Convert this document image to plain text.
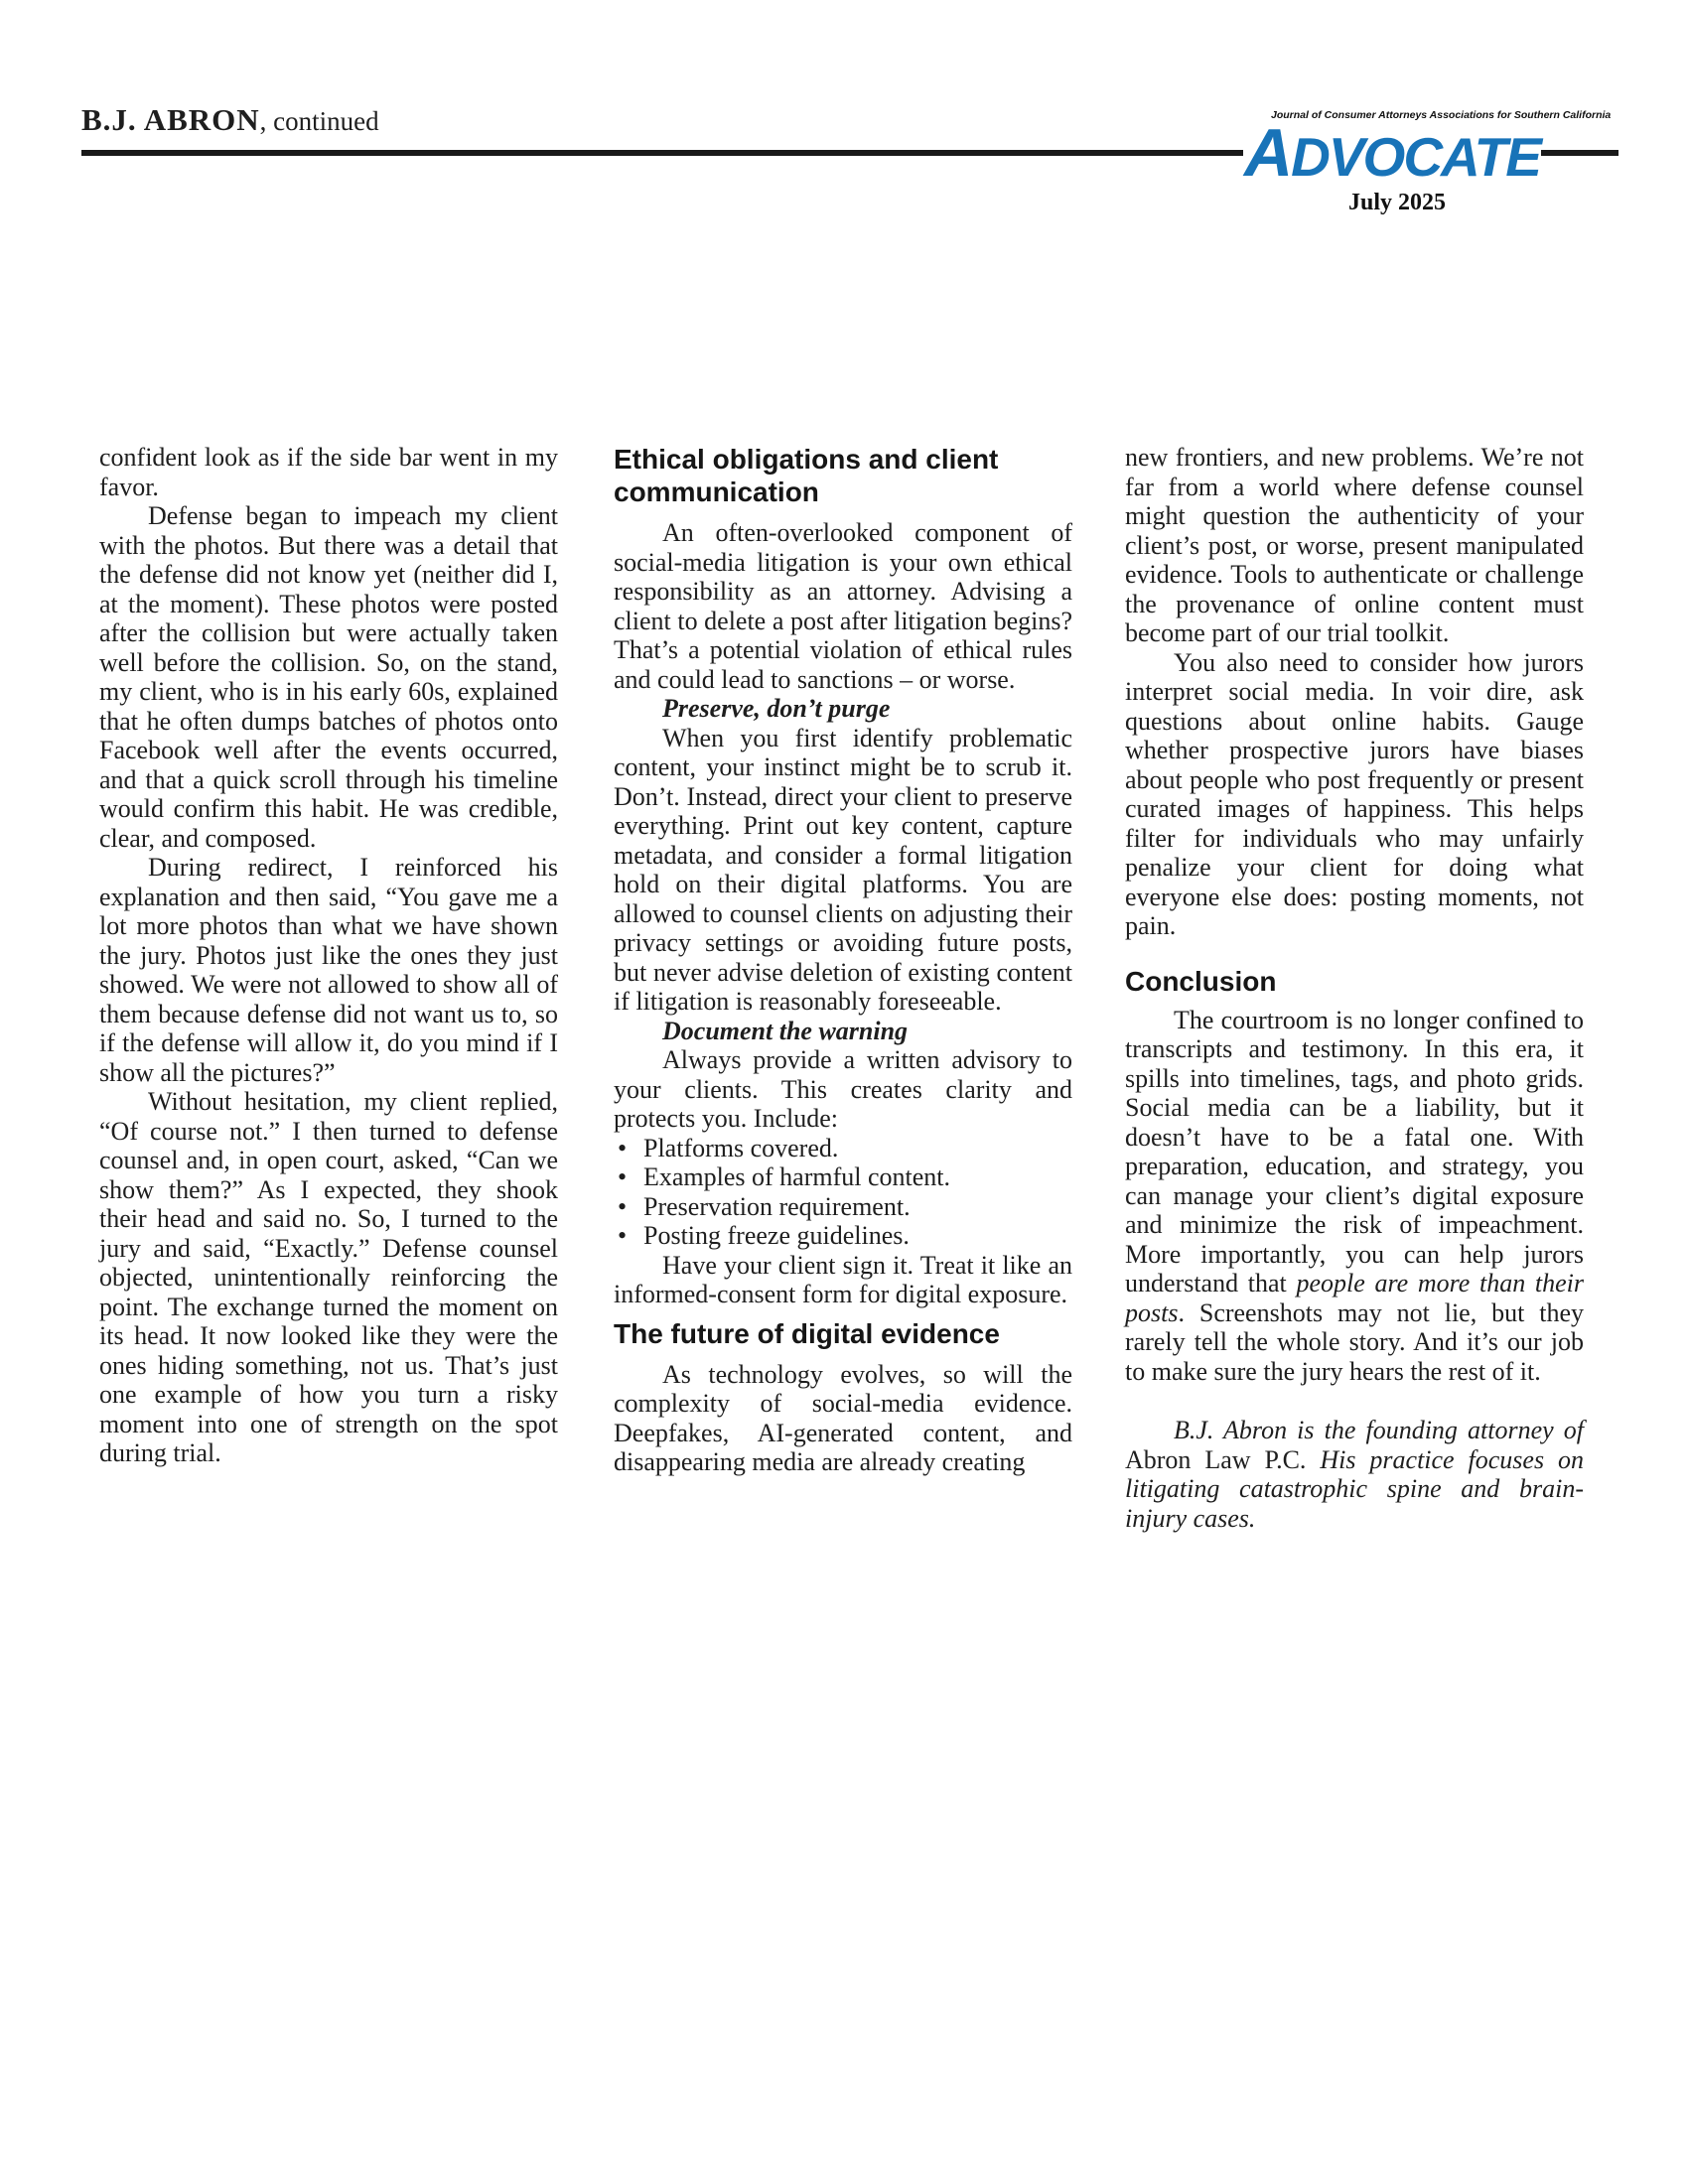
B.J. ABRON, continued	Journal of Consumer Attorneys Associations for Southern California
ADVOCATE
July 2025

confident look as if the side bar went in my favor.

Defense began to impeach my client with the photos. But there was a detail that the defense did not know yet (neither did I, at the moment). These photos were posted after the collision but were actually taken well before the collision. So, on the stand, my client, who is in his early 60s, explained that he often dumps batches of photos onto Facebook well after the events occurred, and that a quick scroll through his timeline would confirm this habit. He was credible, clear, and composed.

During redirect, I reinforced his explanation and then said, “You gave me a lot more photos than what we have shown the jury. Photos just like the ones they just showed. We were not allowed to show all of them because defense did not want us to, so if the defense will allow it, do you mind if I show all the pictures?”

Without hesitation, my client replied, “Of course not.” I then turned to defense counsel and, in open court, asked, “Can we show them?” As I expected, they shook their head and said no. So, I turned to the jury and said, “Exactly.” Defense counsel objected, unintentionally reinforcing the point. The exchange turned the moment on its head. It now looked like they were the ones hiding something, not us. That’s just one example of how you turn a risky moment into one of strength on the spot during trial.

Ethical obligations and client communication

An often-overlooked component of social-media litigation is your own ethical responsibility as an attorney. Advising a client to delete a post after litigation begins? That’s a potential violation of ethical rules and could lead to sanctions – or worse.

Preserve, don’t purge

When you first identify problematic content, your instinct might be to scrub it. Don’t. Instead, direct your client to preserve everything. Print out key content, capture metadata, and consider a formal litigation hold on their digital platforms. You are allowed to counsel clients on adjusting their privacy settings or avoiding future posts, but never advise deletion of existing content if litigation is reasonably foreseeable.

Document the warning

Always provide a written advisory to your clients. This creates clarity and protects you. Include:

• Platforms covered.
• Examples of harmful content.
• Preservation requirement.
• Posting freeze guidelines.

Have your client sign it. Treat it like an informed-consent form for digital exposure.

The future of digital evidence

As technology evolves, so will the complexity of social-media evidence. Deepfakes, AI-generated content, and disappearing media are already creating

new frontiers, and new problems. We’re not far from a world where defense counsel might question the authenticity of your client’s post, or worse, present manipulated evidence. Tools to authenticate or challenge the provenance of online content must become part of our trial toolkit.

You also need to consider how jurors interpret social media. In voir dire, ask questions about online habits. Gauge whether prospective jurors have biases about people who post frequently or present curated images of happiness. This helps filter for individuals who may unfairly penalize your client for doing what everyone else does: posting moments, not pain.

Conclusion

The courtroom is no longer confined to transcripts and testimony. In this era, it spills into timelines, tags, and photo grids. Social media can be a liability, but it doesn’t have to be a fatal one. With preparation, education, and strategy, you can manage your client’s digital exposure and minimize the risk of impeachment. More importantly, you can help jurors understand that people are more than their posts. Screenshots may not lie, but they rarely tell the whole story. And it’s our job to make sure the jury hears the rest of it.

B.J. Abron is the founding attorney of Abron Law P.C. His practice focuses on litigating catastrophic spine and brain-injury cases.
